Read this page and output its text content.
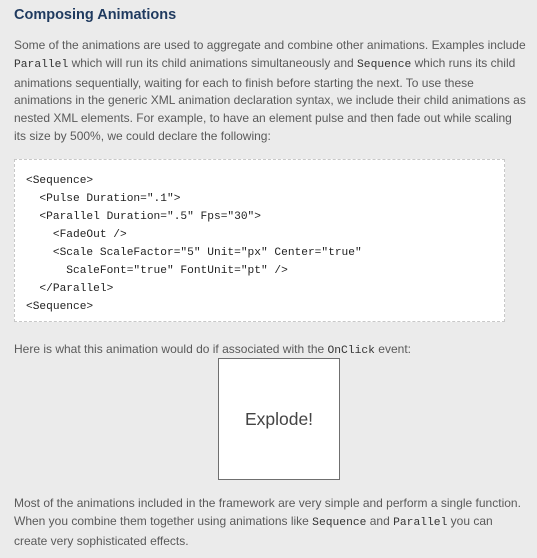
Composing Animations

Some of the animations are used to aggregate and combine other animations. Examples include Parallel which will run its child animations simultaneously and Sequence which runs its child animations sequentially, waiting for each to finish before starting the next. To use these animations in the generic XML animation declaration syntax, we include their child animations as nested XML elements. For example, to have an element pulse and then fade out while scaling its size by 500%, we could declare the following:

<Sequence>
<Pulse Duration=".1">
<Parallel Duration=".5" Fps="30">
<FadeOut />
<Scale ScaleFactor="5" Unit="px" Center="true"
ScaleFont="true" FontUnit="pt" />
</Parallel>
<Sequence>

Here is what this animation would do if associated with the OnClick event:

Explode!

Most of the animations included in the framework are very simple and perform a single function. When you combine them together using animations like Sequence and Parallel you can create very sophisticated effects.
